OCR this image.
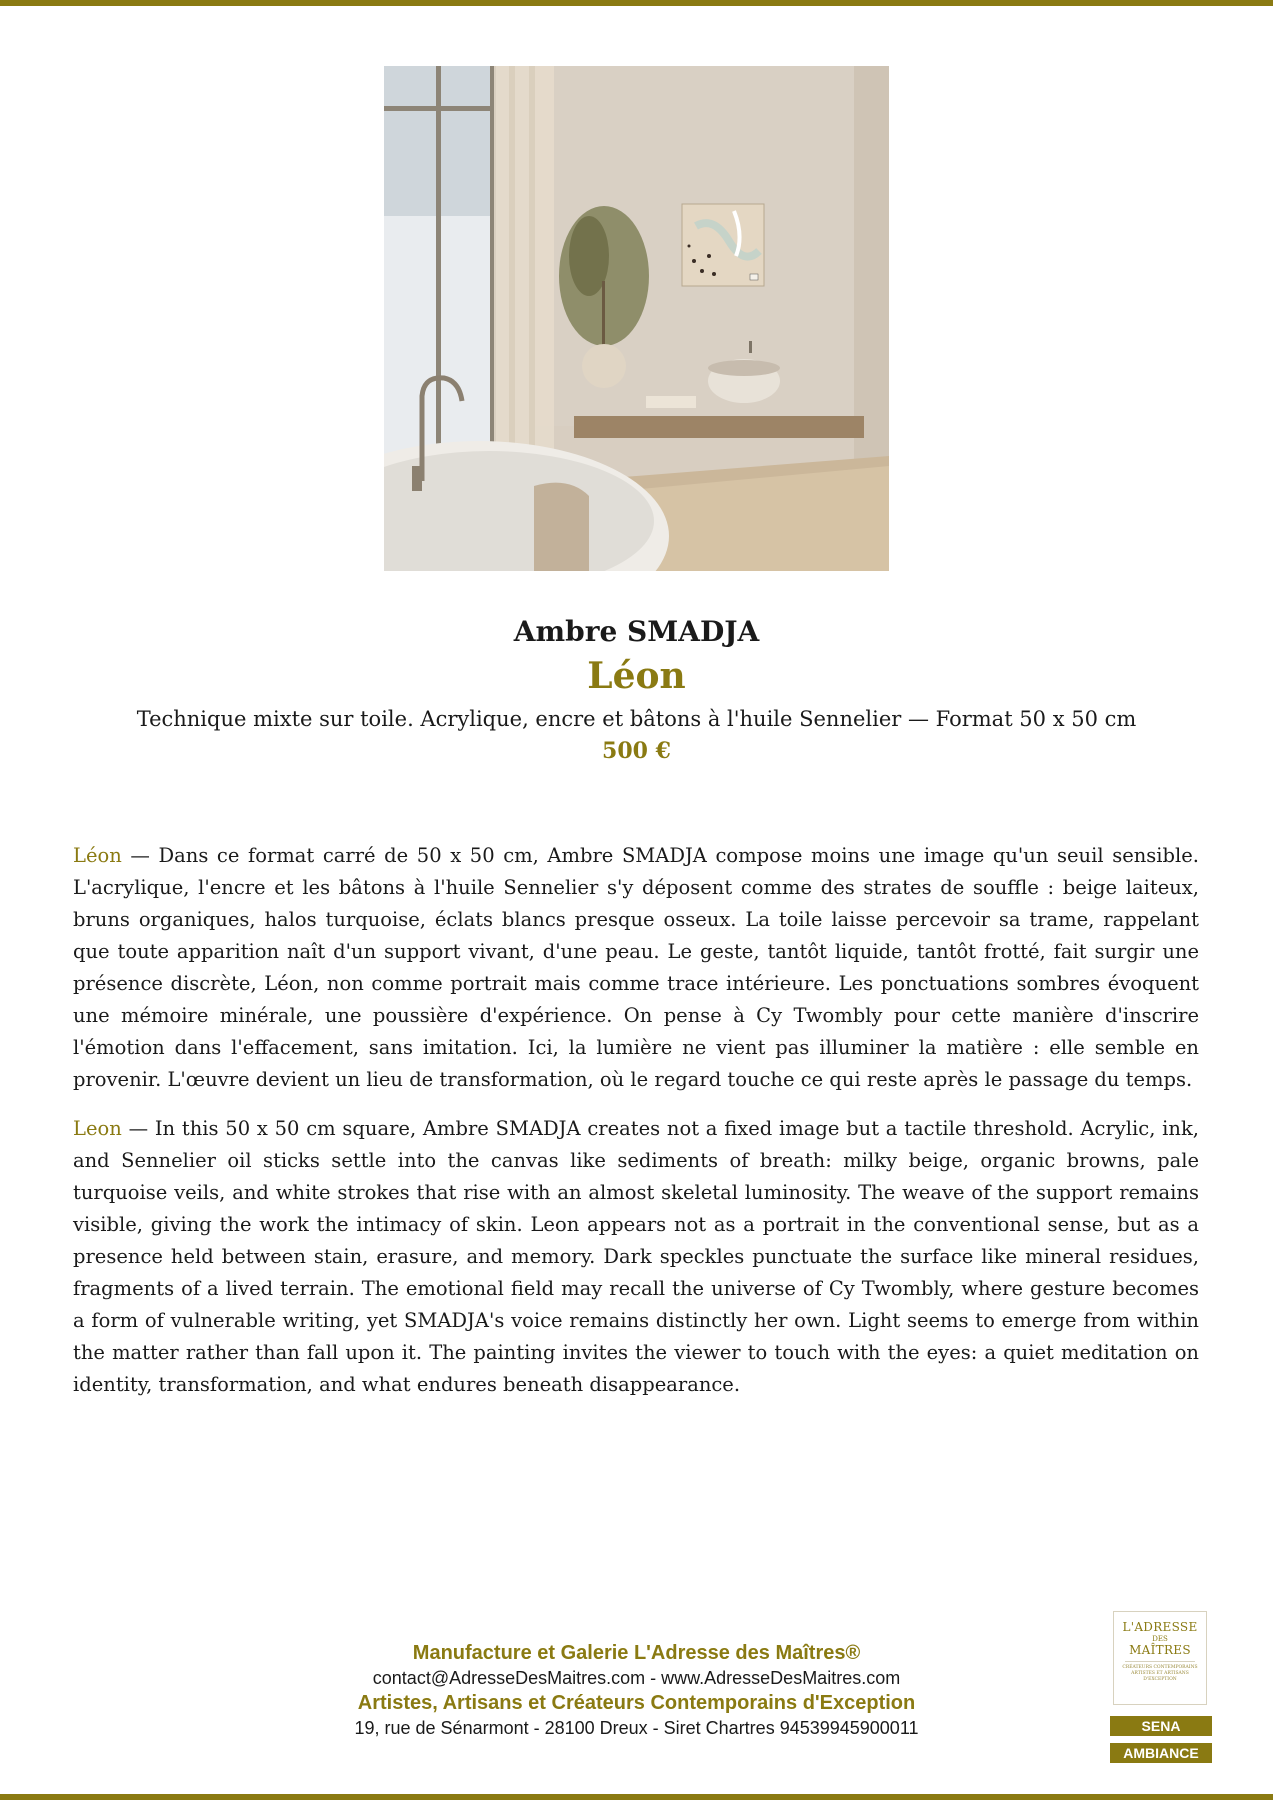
Ambre SMADJA
Léon
Technique mixte sur toile. Acrylique, encre et bâtons à l'huile Sennelier — Format 50 x 50 cm
500 €
Léon — Dans ce format carré de 50 x 50 cm, Ambre SMADJA compose moins une image qu'un seuil sensible. L'acrylique, l'encre et les bâtons à l'huile Sennelier s'y déposent comme des strates de souffle : beige laiteux, bruns organiques, halos turquoise, éclats blancs presque osseux. La toile laisse percevoir sa trame, rappelant que toute apparition naît d'un support vivant, d'une peau. Le geste, tantôt liquide, tantôt frotté, fait surgir une présence discrète, Léon, non comme portrait mais comme trace intérieure. Les ponctuations sombres évoquent une mémoire minérale, une poussière d'expérience. On pense à Cy Twombly pour cette manière d'inscrire l'émotion dans l'effacement, sans imitation. Ici, la lumière ne vient pas illuminer la matière : elle semble en provenir. L'œuvre devient un lieu de transformation, où le regard touche ce qui reste après le passage du temps.
Leon — In this 50 x 50 cm square, Ambre SMADJA creates not a fixed image but a tactile threshold. Acrylic, ink, and Sennelier oil sticks settle into the canvas like sediments of breath: milky beige, organic browns, pale turquoise veils, and white strokes that rise with an almost skeletal luminosity. The weave of the support remains visible, giving the work the intimacy of skin. Leon appears not as a portrait in the conventional sense, but as a presence held between stain, erasure, and memory. Dark speckles punctuate the surface like mineral residues, fragments of a lived terrain. The emotional field may recall the universe of Cy Twombly, where gesture becomes a form of vulnerable writing, yet SMADJA's voice remains distinctly her own. Light seems to emerge from within the matter rather than fall upon it. The painting invites the viewer to touch with the eyes: a quiet meditation on identity, transformation, and what endures beneath disappearance.
Manufacture et Galerie L'Adresse des Maîtres®
contact@AdresseDesMaitres.com - www.AdresseDesMaitres.com
Artistes, Artisans et Créateurs Contemporains d'Exception
19, rue de Sénarmont - 28100 Dreux - Siret Chartres 94539945900011
L'ADRESSE
DES
MAÎTRES
CRÉATEURS CONTEMPORAINS ARTISTES ET ARTISANS D'EXCEPTION
SENA
AMBIANCE
